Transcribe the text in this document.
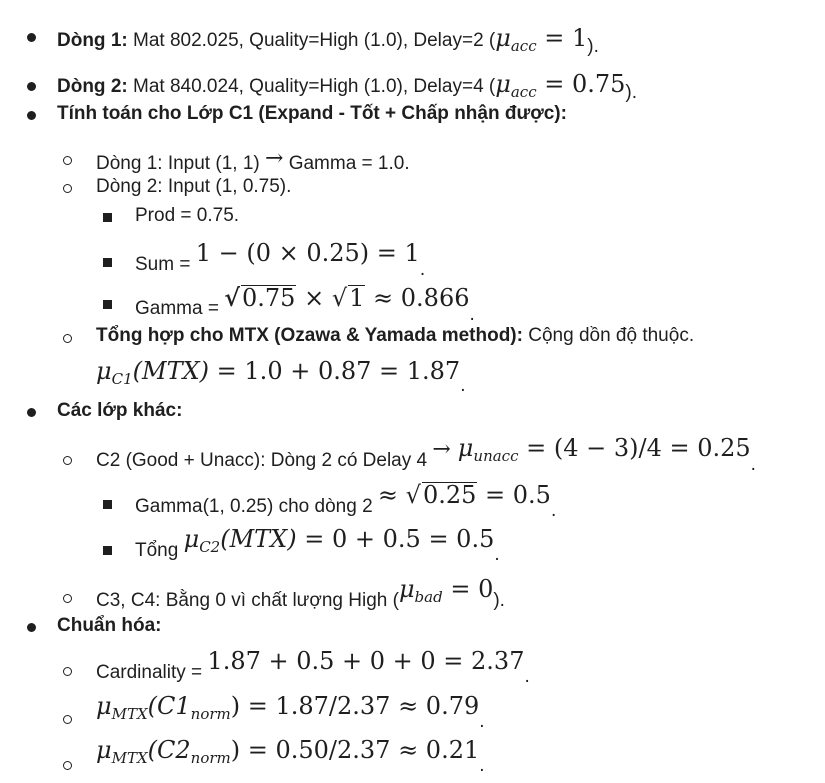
Dòng 1: Mat 802.025, Quality=High (1.0), Delay=2 $(\mu_{acc} = 1)$.
Dòng 2: Mat 840.024, Quality=High (1.0), Delay=4 $(\mu_{acc} = 0.75)$.
Tính toán cho Lớp C1 (Expand - Tốt + Chấp nhận được):
Dòng 1: Input (1, 1) → Gamma = 1.0.
Dòng 2: Input (1, 0.75).
Prod = 0.75.
Sum = 1 − (0 × 0.25) = 1.
Gamma = √0.75 × √1 ≈ 0.866.
Tổng hợp cho MTX (Ozawa & Yamada method): Cộng dồn độ thuộc.
$\mu_{C1}(MTX) = 1.0 + 0.87 = 1.87$.
Các lớp khác:
C2 (Good + Unacc): Dòng 2 có Delay $4 \to \mu_{unacc} = (4 - 3)/4 = 0.25$.
Gamma(1, 0.25) cho dòng 2 ≈ √0.25 = 0.5.
Tổng $\mu_{C2}(MTX) = 0 + 0.5 = 0.5$.
C3, C4: Bằng 0 vì chất lượng High $(\mu_{bad} = 0)$.
Chuẩn hóa:
Cardinality = 1.87 + 0.5 + 0 + 0 = 2.37.
$\mu_{MTX}(C1_{norm}) = 1.87/2.37 \approx 0.79$.
$\mu_{MTX}(C2_{norm}) = 0.50/2.37 \approx 0.21$.
